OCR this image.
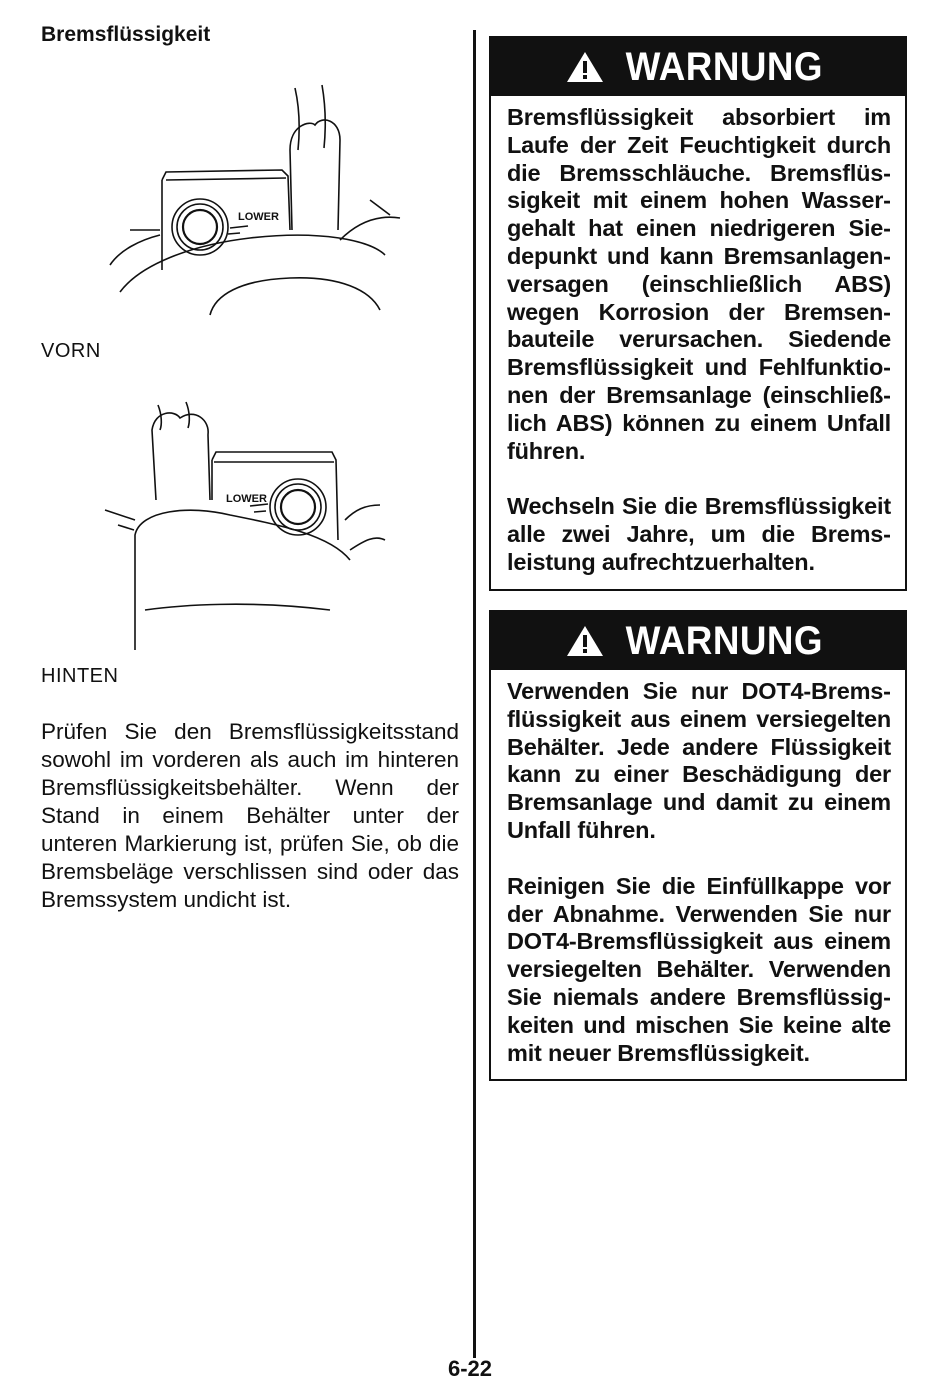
Bremsflüssigkeit
LOWER

VORN

LOWER

HINTEN

Prüfen Sie den Bremsflüssigkeitsstand sowohl im vorderen als auch im hinteren Bremsflüssigkeitsbehälter. Wenn der Stand in einem Behälter unter der unteren Markierung ist, prüfen Sie, ob die Bremsbeläge verschlissen sind oder das Bremssystem undicht ist.

WARNUNG

Bremsflüssigkeit absorbiert im Laufe der Zeit Feuchtigkeit durch die Bremsschläuche. Bremsflüssigkeit mit einem hohen Wassergehalt hat einen niedrigeren Siedepunkt und kann Bremsanlagenversagen (einschließlich ABS) wegen Korrosion der Bremsenbauteile verursachen. Siedende Bremsflüssigkeit und Fehlfunktionen der Bremsanlage (einschließlich ABS) können zu einem Unfall führen.

Wechseln Sie die Bremsflüssigkeit alle zwei Jahre, um die Bremsleistung aufrechtzuerhalten.

WARNUNG

Verwenden Sie nur DOT4-Bremsflüssigkeit aus einem versiegelten Behälter. Jede andere Flüssigkeit kann zu einer Beschädigung der Bremsanlage und damit zu einem Unfall führen.

Reinigen Sie die Einfüllkappe vor der Abnahme. Verwenden Sie nur DOT4-Bremsflüssigkeit aus einem versiegelten Behälter. Verwenden Sie niemals andere Bremsflüssigkeiten und mischen Sie keine alte mit neuer Bremsflüssigkeit.

6-22
